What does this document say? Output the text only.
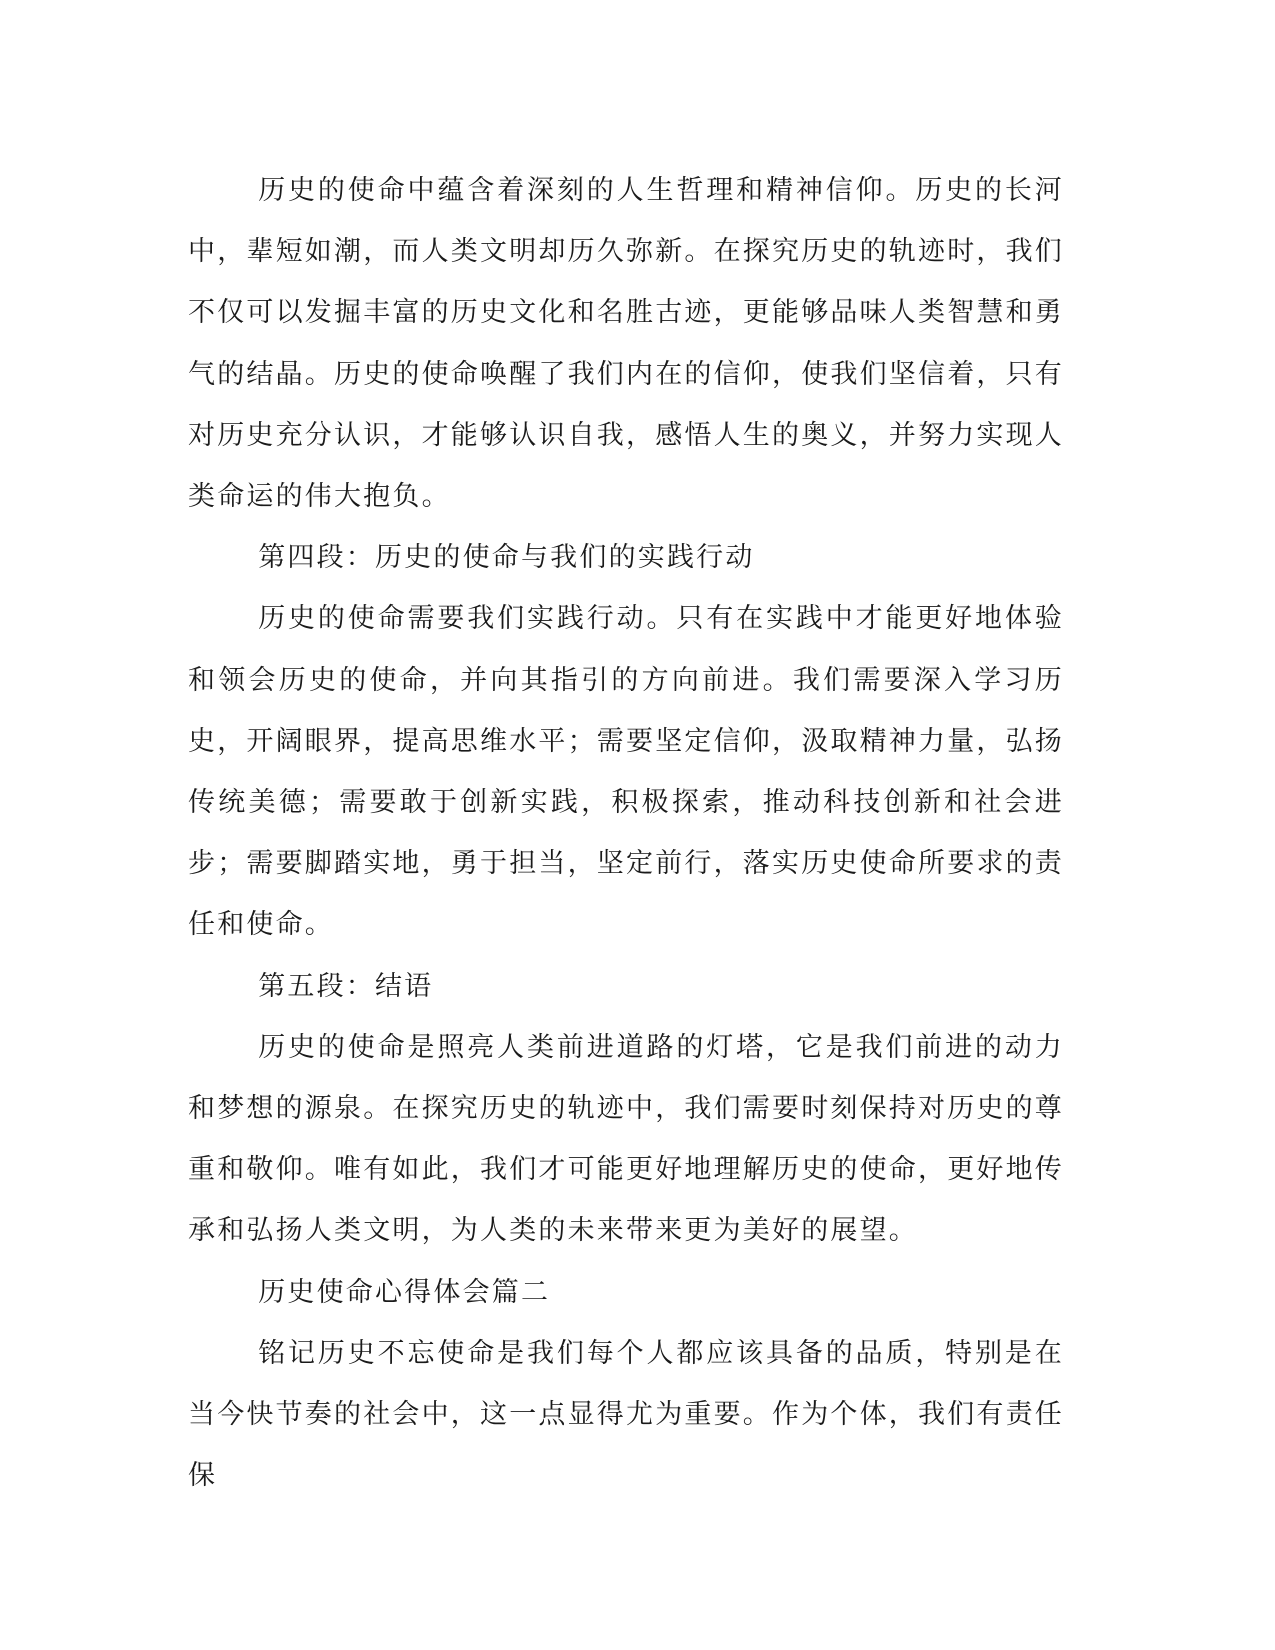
历史的使命中蕴含着深刻的人生哲理和精神信仰。历史的长河中，辈短如潮，而人类文明却历久弥新。在探究历史的轨迹时，我们不仅可以发掘丰富的历史文化和名胜古迹，更能够品味人类智慧和勇气的结晶。历史的使命唤醒了我们内在的信仰，使我们坚信着，只有对历史充分认识，才能够认识自我，感悟人生的奥义，并努力实现人类命运的伟大抱负。

第四段：历史的使命与我们的实践行动

历史的使命需要我们实践行动。只有在实践中才能更好地体验和领会历史的使命，并向其指引的方向前进。我们需要深入学习历史，开阔眼界，提高思维水平；需要坚定信仰，汲取精神力量，弘扬传统美德；需要敢于创新实践，积极探索，推动科技创新和社会进步；需要脚踏实地，勇于担当，坚定前行，落实历史使命所要求的责任和使命。

第五段：结语

历史的使命是照亮人类前进道路的灯塔，它是我们前进的动力和梦想的源泉。在探究历史的轨迹中，我们需要时刻保持对历史的尊重和敬仰。唯有如此，我们才可能更好地理解历史的使命，更好地传承和弘扬人类文明，为人类的未来带来更为美好的展望。

历史使命心得体会篇二

铭记历史不忘使命是我们每个人都应该具备的品质，特别是在当今快节奏的社会中，这一点显得尤为重要。作为个体，我们有责任保
